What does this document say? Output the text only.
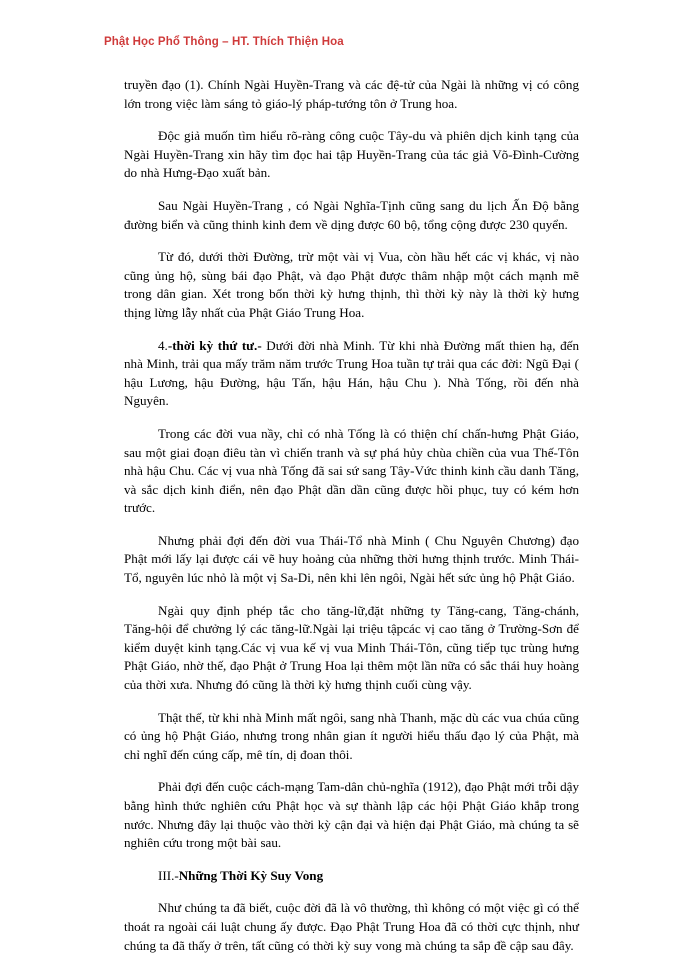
Phật Học Phổ Thông – HT. Thích Thiện Hoa

truyền đạo (1). Chính Ngài Huyền-Trang và các đệ-tử của Ngài là những vị có công lớn trong việc làm sáng tỏ giáo-lý pháp-tướng tôn ở Trung hoa.

Độc giả muốn tìm hiểu rõ-ràng công cuộc Tây-du và phiên dịch kinh tạng của Ngài Huyền-Trang xin hãy tìm đọc hai tập Huyền-Trang của tác giả Võ-Đình-Cường do nhà Hưng-Đạo xuất bản.

Sau Ngài Huyền-Trang , có Ngài Nghĩa-Tịnh cũng sang du lịch Ấn Độ bằng đường biển và cũng thinh kinh đem về dịng được 60 bộ, tổng cộng được 230 quyển.

Từ đó, dưới thời Đường, trừ một vài vị Vua, còn hầu hết các vị khác, vị nào cũng ủng hộ, sùng bái đạo Phật, và đạo Phật được thâm nhập một cách mạnh mẽ trong dân gian. Xét trong bốn thời kỳ hưng thịnh, thì thời kỳ này là thời kỳ hưng thịng lừng lẫy nhất của Phật Giáo Trung Hoa.

4.-thời kỳ thứ tư.- Dưới đời nhà Minh. Từ khi nhà Đường mất thien hạ, đến nhà Minh, trải qua mấy trăm năm trước Trung Hoa tuần tự trải qua các đời: Ngũ Đại ( hậu Lương, hậu Đường, hậu Tấn, hậu Hán, hậu Chu ). Nhà Tống, rồi đến nhà Nguyên.

Trong các đời vua nầy, chỉ có nhà Tống là có thiện chí chấn-hưng Phật Giáo, sau một giai đoạn điêu tàn vì chiến tranh và sự phá hủy chùa chiền của vua Thế-Tôn nhà hậu Chu. Các vị vua nhà Tống đã sai sứ sang Tây-Vức thinh kinh cầu danh Tăng, và sắc dịch kinh điển, nên đạo Phật dần dần cũng được hồi phục, tuy có kém hơn trước.

Nhưng phải đợi đến đời vua Thái-Tổ nhà Minh ( Chu Nguyên Chương) đạo Phật mới lấy lại được cái vẽ huy hoảng của những thời hưng thịnh trước. Minh Thái-Tổ, nguyên lúc nhỏ là một vị Sa-Di, nên khi lên ngôi, Ngài hết sức ủng hộ Phật Giáo.

Ngài quy định phép tắc cho tăng-lữ,đặt những ty Tăng-cang, Tăng-chánh, Tăng-hội để chưởng lý các tăng-lữ.Ngài lại triệu tậpcác vị cao tăng ở Trường-Sơn để kiểm duyệt kinh tạng.Các vị vua kế vị vua Minh Thái-Tôn, cũng tiếp tục trùng hưng Phật Giáo, nhờ thế, đạo Phật ở Trung Hoa lại thêm một lần nữa có sắc thái huy hoàng của thời xưa. Nhưng đó cũng là thời kỳ hưng thịnh cuối cùng vậy.

Thật thế, từ khi nhà Minh mất ngôi, sang nhà Thanh, mặc dù các vua chúa cũng có ủng hộ Phật Giáo, nhưng trong nhân gian ít người hiểu thấu đạo lý của Phật, mà chỉ nghĩ đến cúng cấp, mê tín, dị đoan thôi.

Phải đợi đến cuộc cách-mạng Tam-dân chủ-nghĩa (1912), đạo Phật mới trỗi dậy bằng hình thức nghiên cứu Phật học và sự thành lập các hội Phật Giáo khắp trong nước. Nhưng đây lại thuộc vào thời kỳ cận đại và hiện đại Phật Giáo, mà chúng ta sẽ nghiên cứu trong một bài sau.

III.-Những Thời Kỳ Suy Vong

Như chúng ta đã biết, cuộc đời đã là vô thường, thì không có một việc gì có thể thoát ra ngoài cái luật chung ấy được. Đạo Phật Trung Hoa đã có thời cực thịnh, như chúng ta đã thấy ở trên, tất cũng có thời kỳ suy vong mà chúng ta sắp đề cập sau đây.
